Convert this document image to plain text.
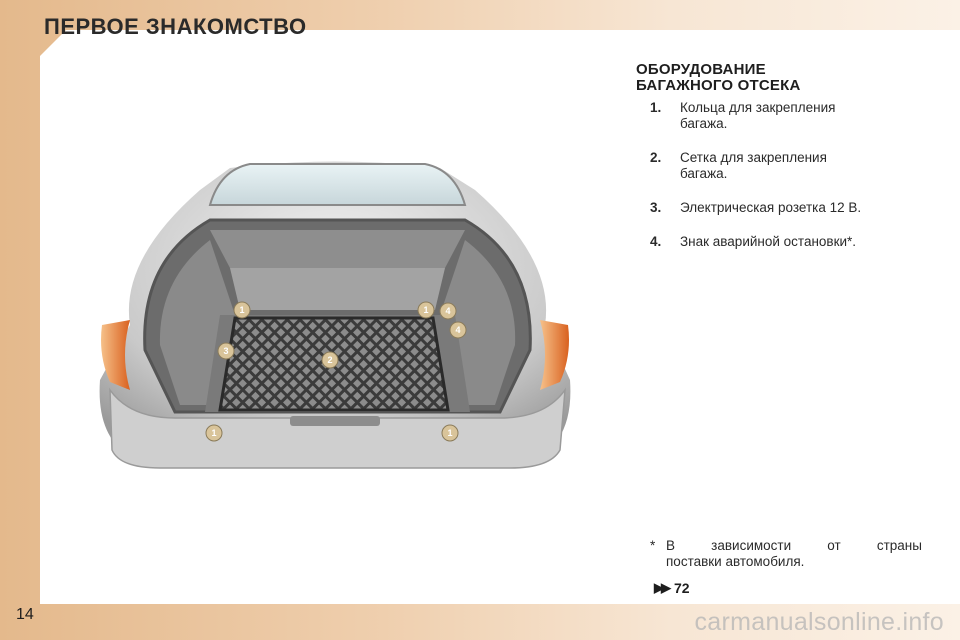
ПЕРВОЕ ЗНАКОМСТВО
ОБОРУДОВАНИЕ
БАГАЖНОГО ОТСЕКА
1. Кольца для закрепления
багажа.
2. Сетка для закрепления
багажа.
3. Электрическая розетка 12 В.
4. Знак аварийной остановки*.
1	1 4
4
3
2
1	1
* В	зависимости	от	страны
поставки автомобиля.
▶▶ 72
14	carmanualsonline.info
